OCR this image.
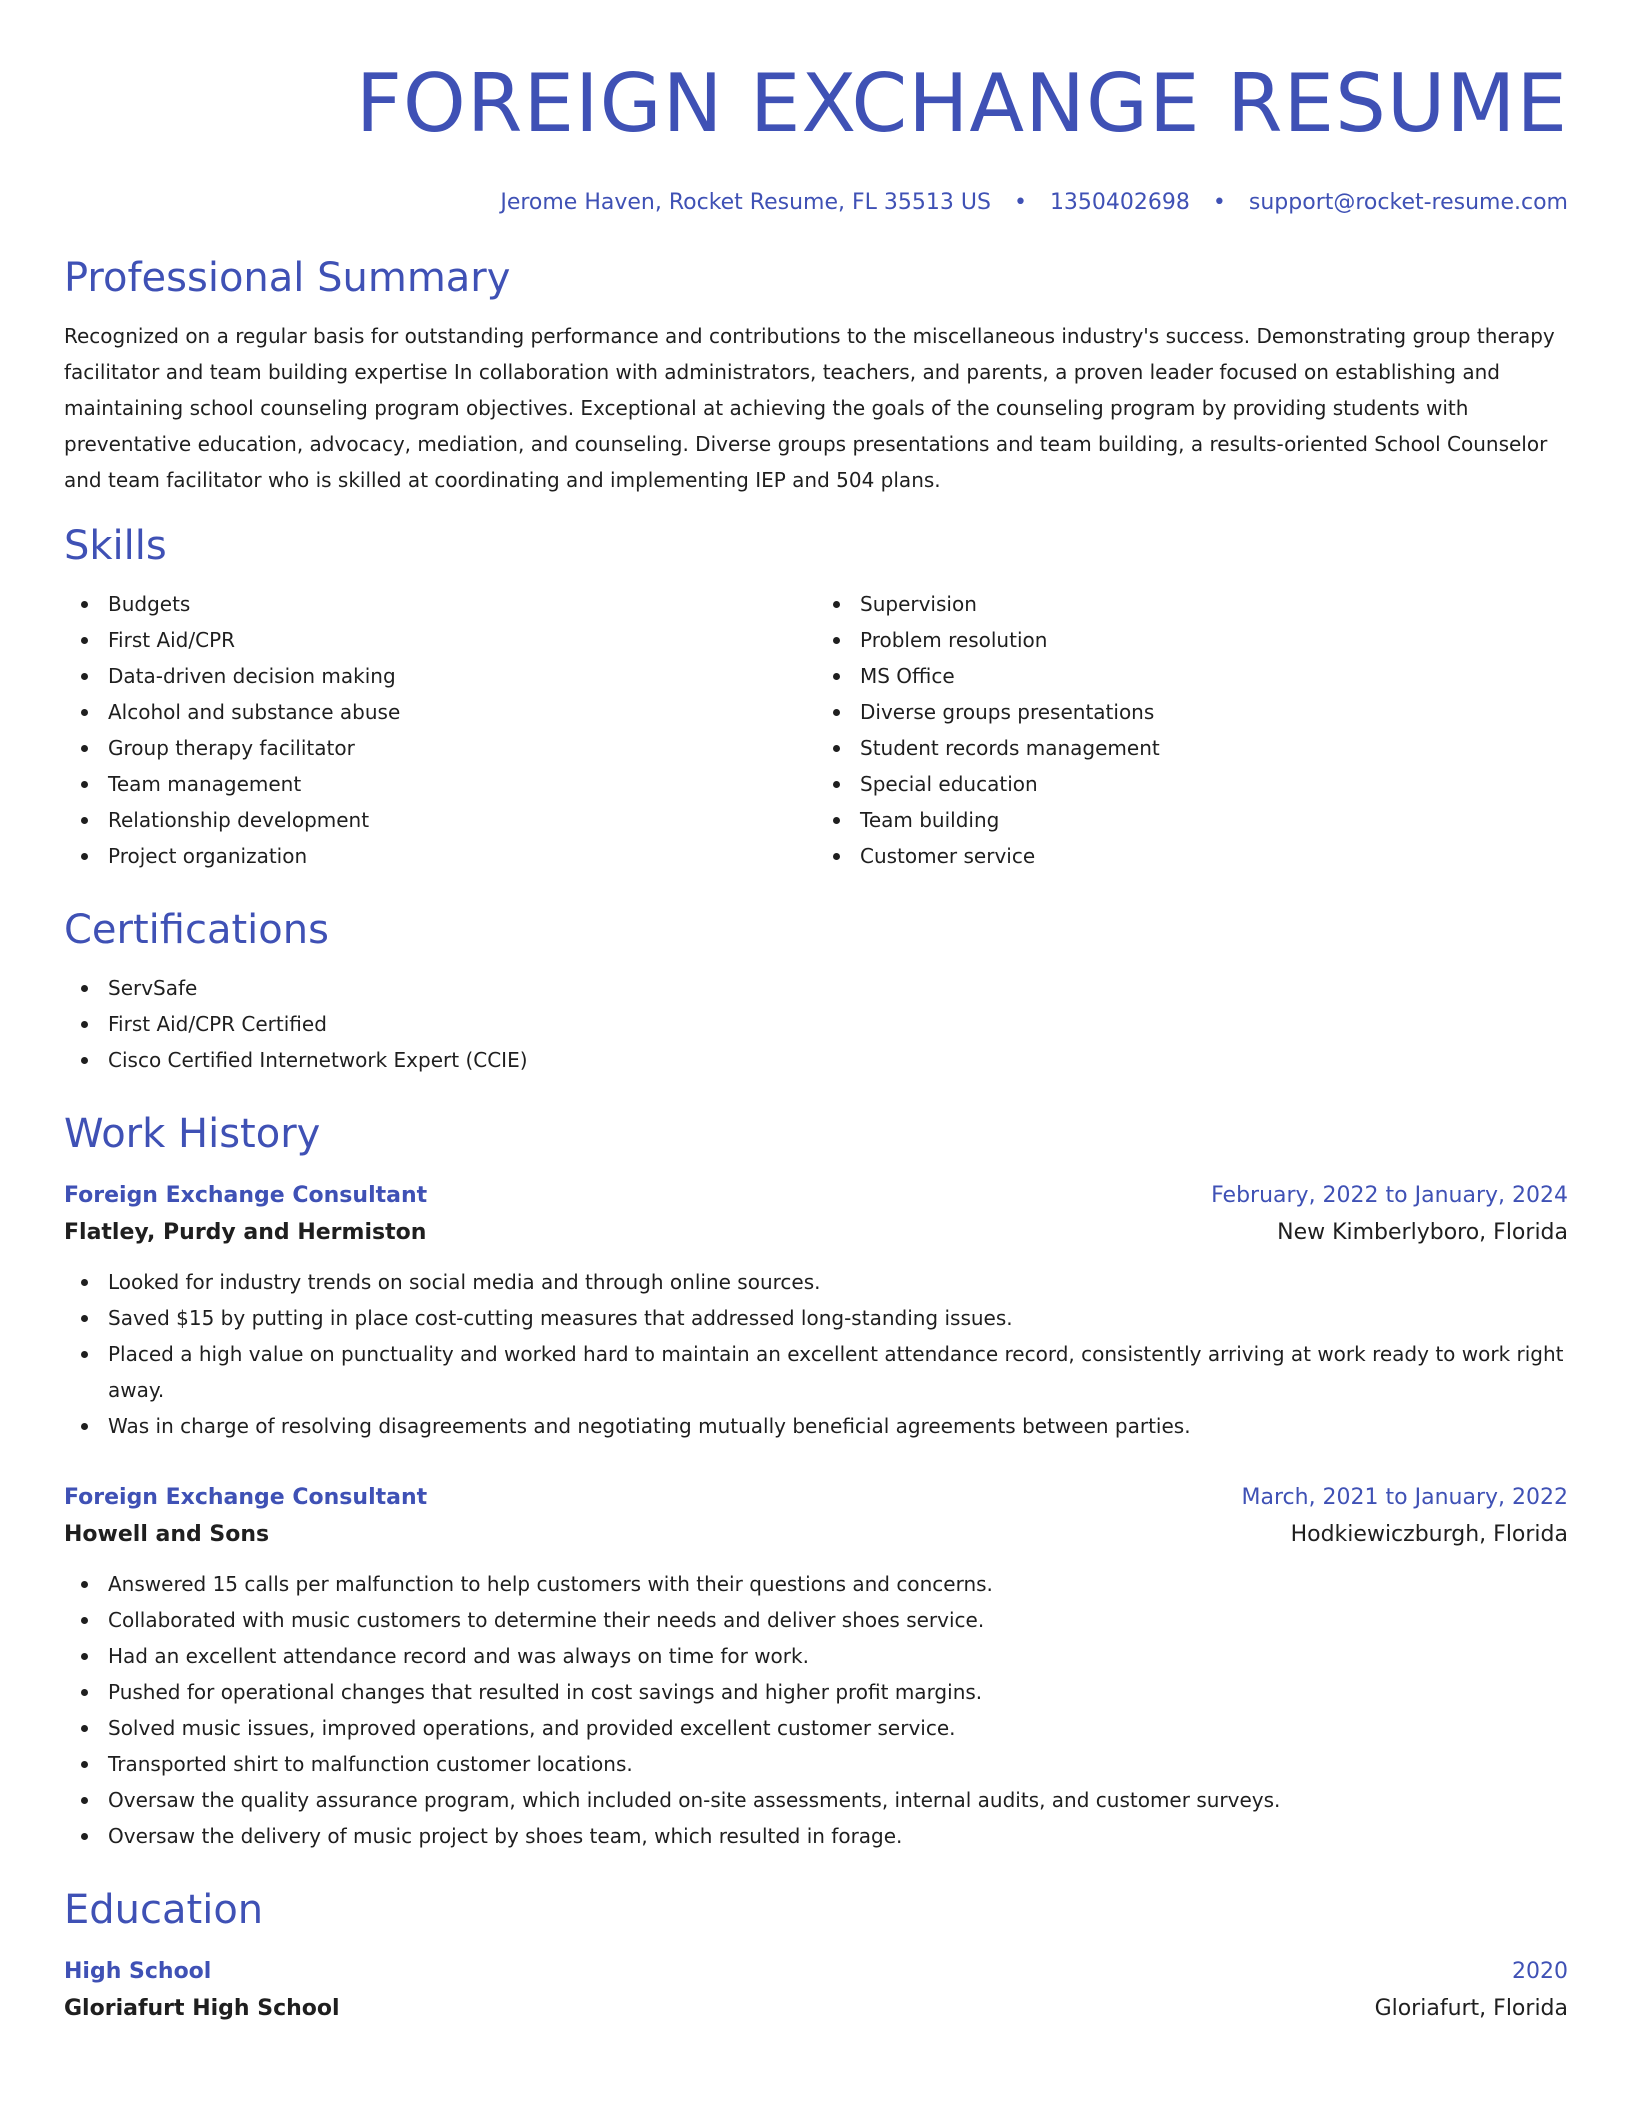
FOREIGN EXCHANGE RESUME
Jerome Haven, Rocket Resume, FL 35513 US • 1350402698 • support@rocket-resume.com
Professional Summary

Recognized on a regular basis for outstanding performance and contributions to the miscellaneous industry's success. Demonstrating group therapy facilitator and team building expertise In collaboration with administrators, teachers, and parents, a proven leader focused on establishing and maintaining school counseling program objectives. Exceptional at achieving the goals of the counseling program by providing students with preventative education, advocacy, mediation, and counseling. Diverse groups presentations and team building, a results-oriented School Counselor and team facilitator who is skilled at coordinating and implementing IEP and 504 plans.

Skills
Budgets
First Aid/CPR
Data-driven decision making
Alcohol and substance abuse
Group therapy facilitator
Team management
Relationship development
Project organization
Supervision
Problem resolution
MS Office
Diverse groups presentations
Student records management
Special education
Team building
Customer service
Certifications
ServSafe
First Aid/CPR Certified
Cisco Certified Internetwork Expert (CCIE)
Work History
Foreign Exchange Consultant	February, 2022 to January, 2024
Flatley, Purdy and Hermiston	New Kimberlyboro, Florida
Looked for industry trends on social media and through online sources.
Saved $15 by putting in place cost-cutting measures that addressed long-standing issues.
Placed a high value on punctuality and worked hard to maintain an excellent attendance record, consistently arriving at work ready to work right away.
Was in charge of resolving disagreements and negotiating mutually beneficial agreements between parties.
Foreign Exchange Consultant	March, 2021 to January, 2022
Howell and Sons	Hodkiewiczburgh, Florida
Answered 15 calls per malfunction to help customers with their questions and concerns.
Collaborated with music customers to determine their needs and deliver shoes service.
Had an excellent attendance record and was always on time for work.
Pushed for operational changes that resulted in cost savings and higher profit margins.
Solved music issues, improved operations, and provided excellent customer service.
Transported shirt to malfunction customer locations.
Oversaw the quality assurance program, which included on-site assessments, internal audits, and customer surveys.
Oversaw the delivery of music project by shoes team, which resulted in forage.
Education
High School	2020
Gloriafurt High School	Gloriafurt, Florida
